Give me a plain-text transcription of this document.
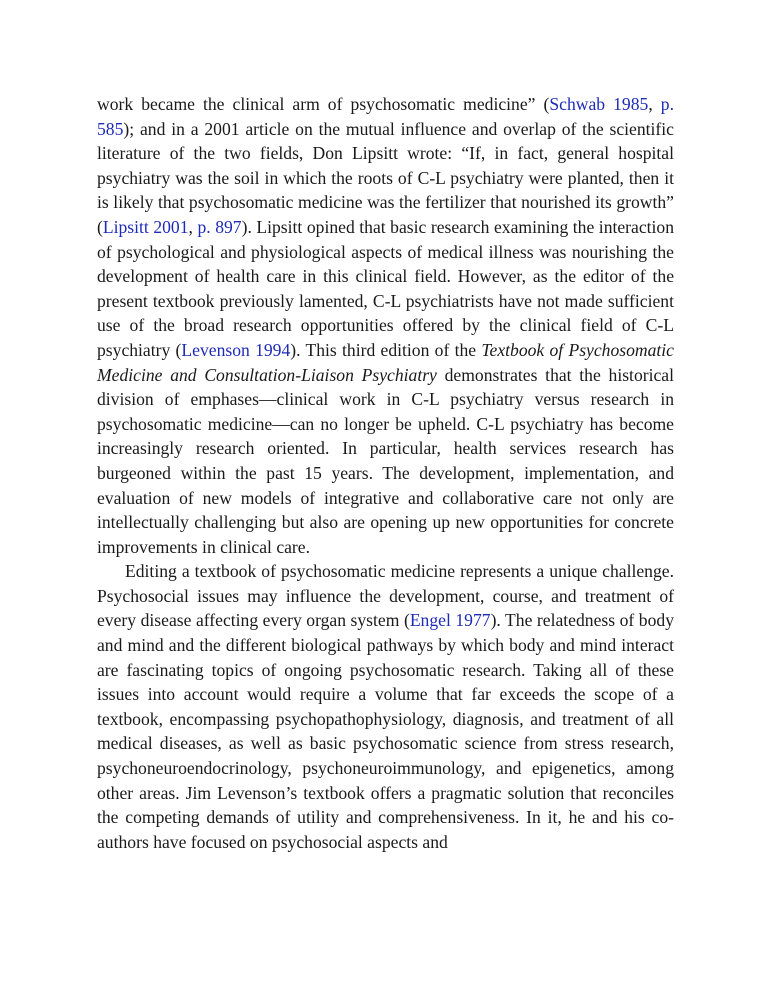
work became the clinical arm of psychosomatic medicine” (Schwab 1985, p. 585); and in a 2001 article on the mutual influence and overlap of the scientific literature of the two fields, Don Lipsitt wrote: “If, in fact, general hospital psychiatry was the soil in which the roots of C-L psychiatry were planted, then it is likely that psychosomatic medicine was the fertilizer that nourished its growth” (Lipsitt 2001, p. 897). Lipsitt opined that basic research examining the interaction of psychological and physiological aspects of medical illness was nourishing the development of health care in this clinical field. However, as the editor of the present textbook previously lamented, C-L psychiatrists have not made sufficient use of the broad research opportunities offered by the clinical field of C-L psychiatry (Levenson 1994). This third edition of the Textbook of Psychosomatic Medicine and Consultation-Liaison Psychiatry demonstrates that the historical division of emphases—clinical work in C-L psychiatry versus research in psychosomatic medicine—can no longer be upheld. C-L psychiatry has become increasingly research oriented. In particular, health services research has burgeoned within the past 15 years. The development, implementation, and evaluation of new models of integrative and collaborative care not only are intellectually challenging but also are opening up new opportunities for concrete improvements in clinical care.

Editing a textbook of psychosomatic medicine represents a unique challenge. Psychosocial issues may influence the development, course, and treatment of every disease affecting every organ system (Engel 1977). The relatedness of body and mind and the different biological pathways by which body and mind interact are fascinating topics of ongoing psychosomatic research. Taking all of these issues into account would require a volume that far exceeds the scope of a textbook, encompassing psychopathophysiology, diagnosis, and treatment of all medical diseases, as well as basic psychosomatic science from stress research, psychoneuroendocrinology, psychoneuroimmunology, and epigenetics, among other areas. Jim Levenson’s textbook offers a pragmatic solution that reconciles the competing demands of utility and comprehensiveness. In it, he and his co-authors have focused on psychosocial aspects and
